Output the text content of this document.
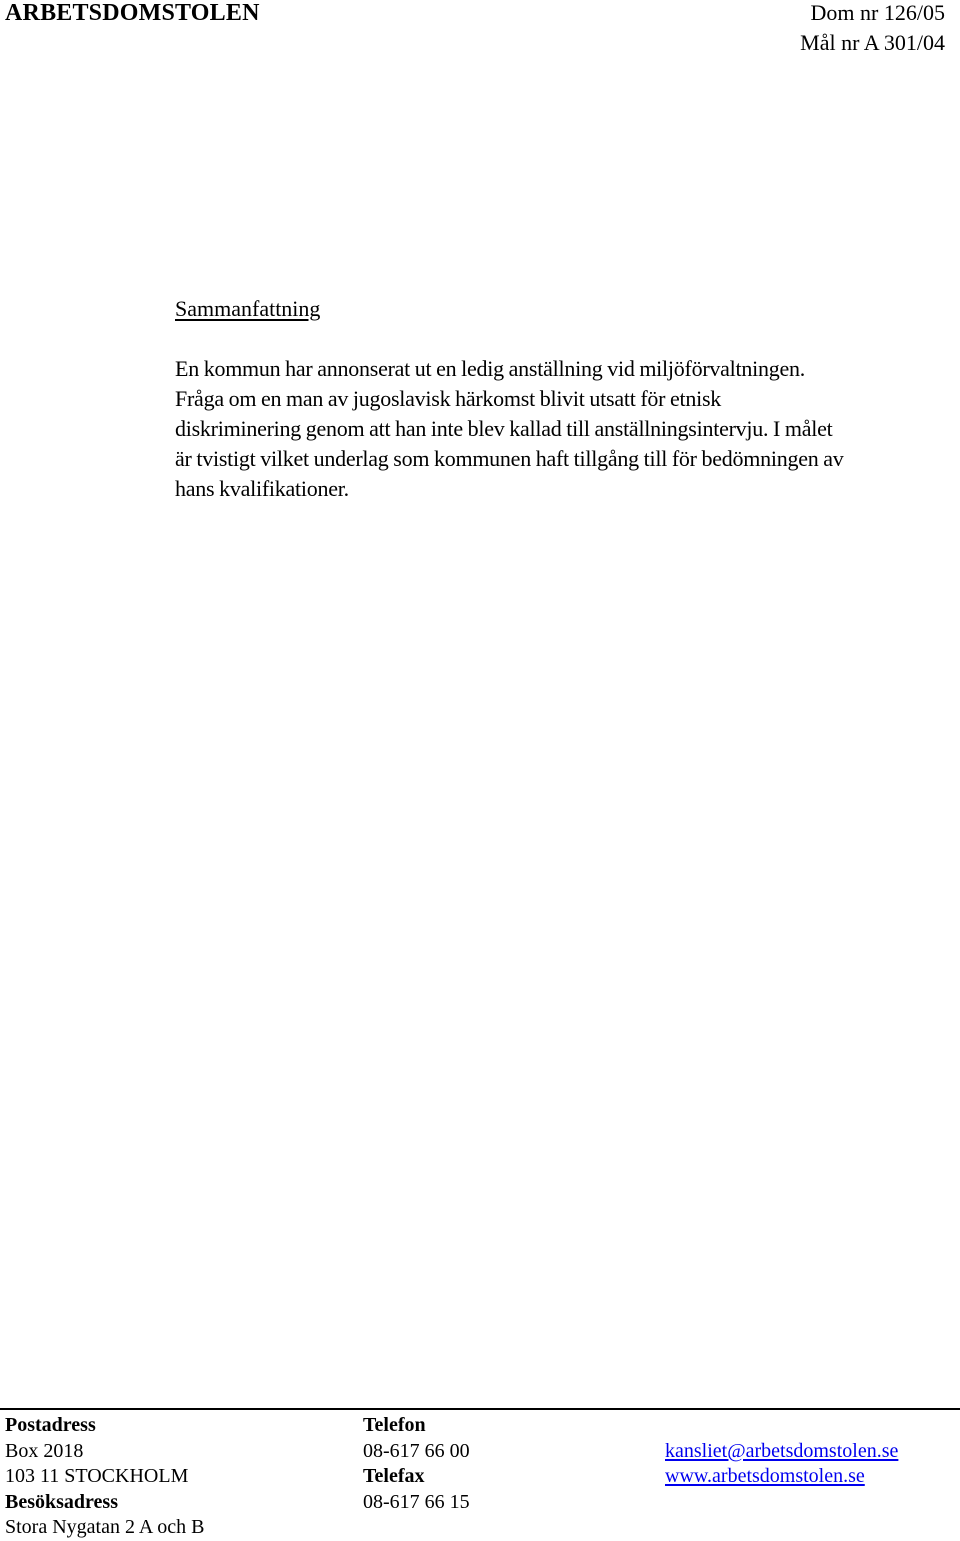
ARBETSDOMSTOLEN	Dom nr 126/05
Mål nr A 301/04
Sammanfattning
En kommun har annonserat ut en ledig anställning vid miljöförvaltningen.
Fråga om en man av jugoslavisk härkomst blivit utsatt för etnisk
diskriminering genom att han inte blev kallad till anställningsintervju. I målet
är tvistigt vilket underlag som kommunen haft tillgång till för bedömningen av
hans kvalifikationer.
Postadress
Box 2018
103 11 STOCKHOLM
Besöksadress
Stora Nygatan 2 A och B
Telefon
08-617 66 00
Telefax
08-617 66 15
kansliet@arbetsdomstolen.se
www.arbetsdomstolen.se
